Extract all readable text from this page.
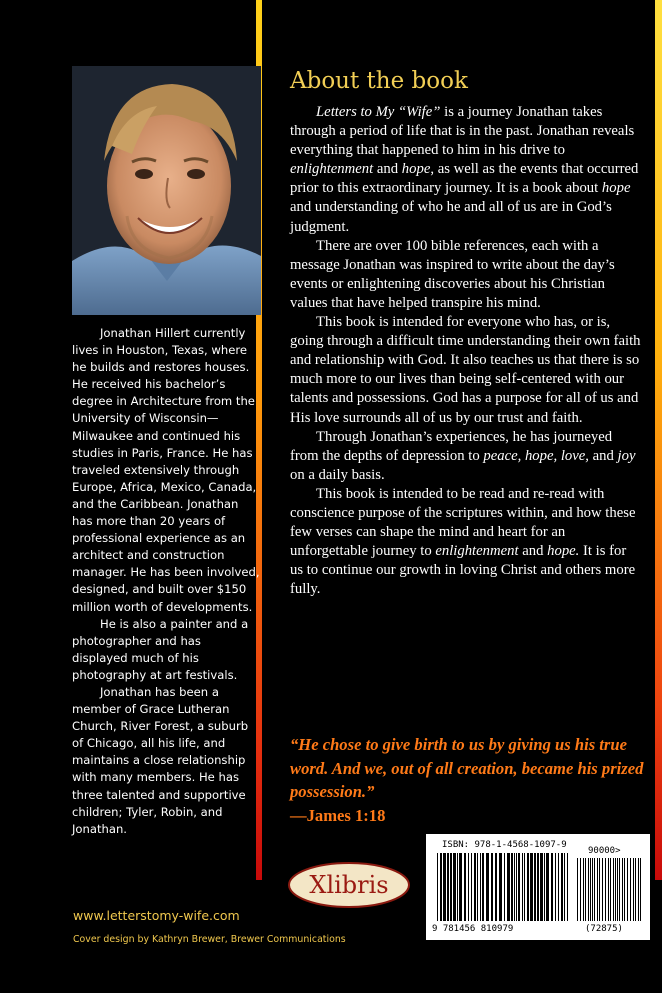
Jonathan Hillert currently lives in Houston, Texas, where he builds and restores houses. He received his bachelor’s degree in Architecture from the University of Wisconsin—Milwaukee and continued his studies in Paris, France. He has traveled extensively through Europe, Africa, Mexico, Canada, and the Caribbean. Jonathan has more than 20 years of professional experience as an architect and construction manager. He has been involved, designed, and built over $150 million worth of developments.

He is also a painter and a photographer and has displayed much of his photography at art festivals.

Jonathan has been a member of Grace Lutheran Church, River Forest, a suburb of Chicago, all his life, and maintains a close relationship with many members. He has three talented and supportive children; Tyler, Robin, and Jonathan.

www.letterstomy-wife.com
Cover design by Kathryn Brewer, Brewer Communications
About the book

Letters to My “Wife” is a journey Jonathan takes through a period of life that is in the past. Jonathan reveals everything that happened to him in his drive to enlightenment and hope, as well as the events that occurred prior to this extraordinary journey. It is a book about hope and understanding of who he and all of us are in God’s judgment.

There are over 100 bible references, each with a message Jonathan was inspired to write about the day’s events or enlightening discoveries about his Christian values that have helped transpire his mind.

This book is intended for everyone who has, or is, going through a difficult time understanding their own faith and relationship with God. It also teaches us that there is so much more to our lives than being self-centered with our talents and possessions. God has a purpose for all of us and His love surrounds all of us by our trust and faith.

Through Jonathan’s experiences, he has journeyed from the depths of depression to peace, hope, love, and joy on a daily basis.

This book is intended to be read and re-read with conscience purpose of the scriptures within, and how these few verses can shape the mind and heart for an unforgettable journey to enlightenment and hope. It is for us to continue our growth in loving Christ and others more fully.

“He chose to give birth to us by giving us his true word. And we, out of all creation, became his prized possession.”
—James 1:18
Xlibris
ISBN: 978-1-4568-1097-9
90000>
9 781456 810979	(72875)
